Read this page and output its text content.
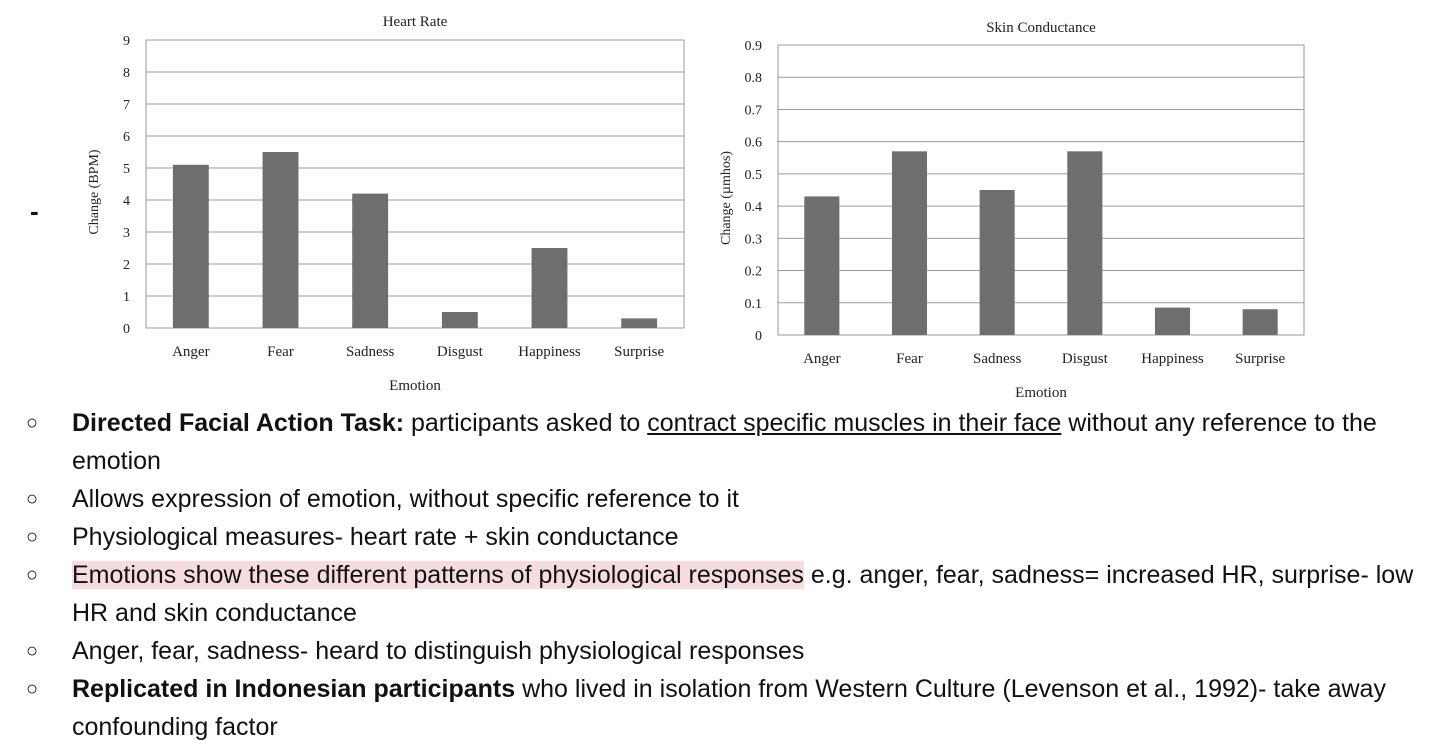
-
0
1
2
3
4
5
6
7
8
9
Anger	Fear	Sadness	Disgust Happiness Surprise
Heart Rate
Emotion
Change (BPM)
0
0.1
0.2
0.3
0.4
0.5
0.6
0.7
0.8
0.9
Anger	Fear	Sadness	Disgust Happiness Surprise
Skin Conductance
Emotion
Change (µmhos)
○ Directed Facial Action Task: participants asked to contract specific muscles in their face without any reference to the emotion
○ Allows expression of emotion, without specific reference to it
○ Physiological measures- heart rate + skin conductance
○ Emotions show these different patterns of physiological responses e.g. anger, fear, sadness= increased HR, surprise- low HR and skin conductance
○ Anger, fear, sadness- heard to distinguish physiological responses
○ Replicated in Indonesian participants who lived in isolation from Western Culture (Levenson et al., 1992)- take away confounding factor
